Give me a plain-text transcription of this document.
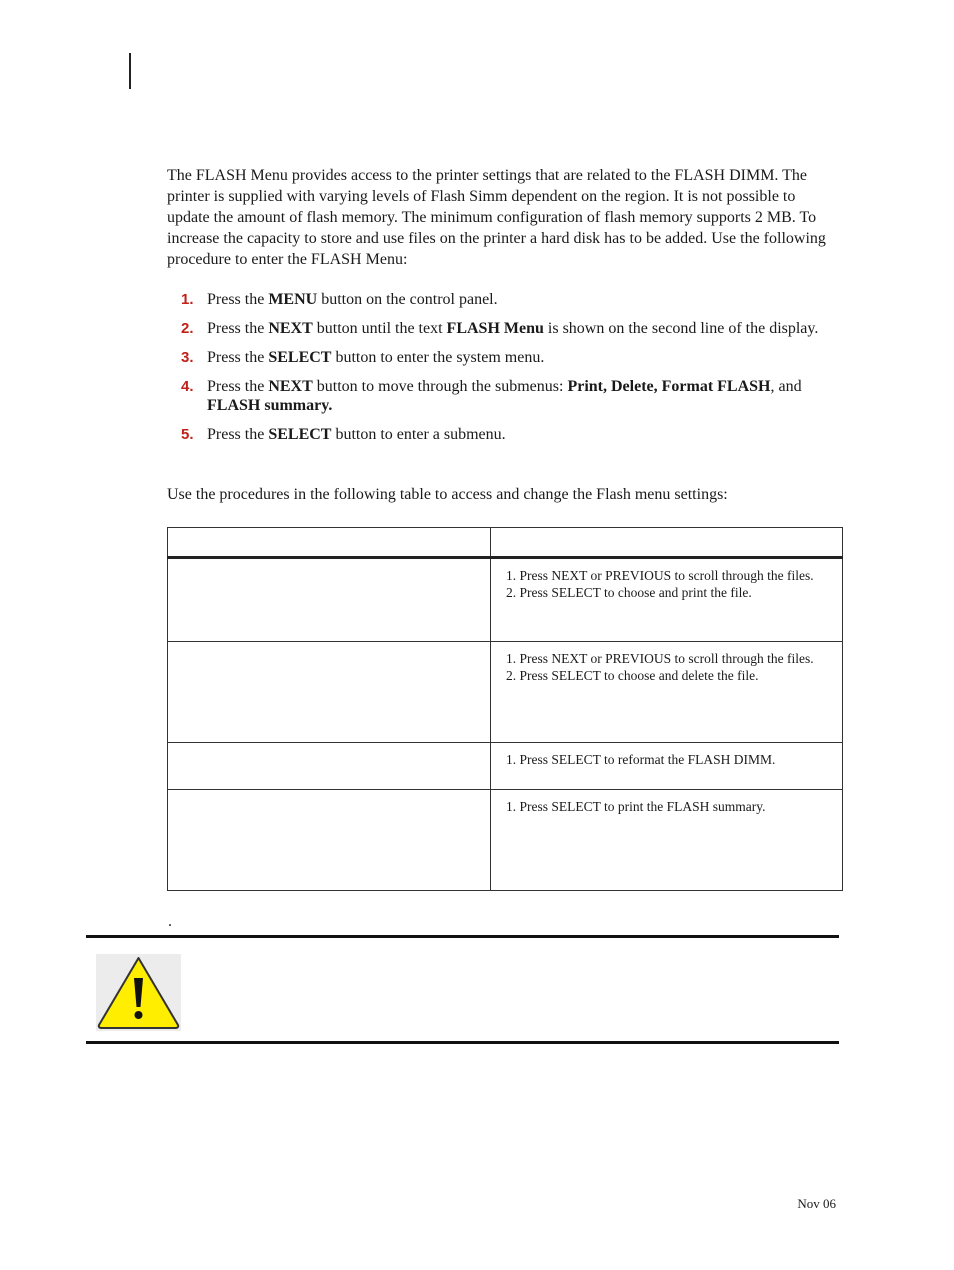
The FLASH Menu provides access to the printer settings that are related to the FLASH DIMM. The printer is supplied with varying levels of Flash Simm dependent on the region. It is not possible to update the amount of flash memory. The minimum configuration of flash memory supports 2 MB. To increase the capacity to store and use files on the printer a hard disk has to be added. Use the following procedure to enter the FLASH Menu:

1. Press the MENU button on the control panel.
2. Press the NEXT button until the text FLASH Menu is shown on the second line of the display.
3. Press the SELECT button to enter the system menu.
4. Press the NEXT button to move through the submenus: Print, Delete, Format FLASH, and FLASH summary.
5. Press the SELECT button to enter a submenu.

Use the procedures in the following table to access and change the Flash menu settings:

	1. Press NEXT or PREVIOUS to scroll through the files.
2. Press SELECT to choose and print the file.

	1. Press NEXT or PREVIOUS to scroll through the files.
2. Press SELECT to choose and delete the file.

	1. Press SELECT to reformat the FLASH DIMM.

	1. Press SELECT to print the FLASH summary.
.
Nov 06
